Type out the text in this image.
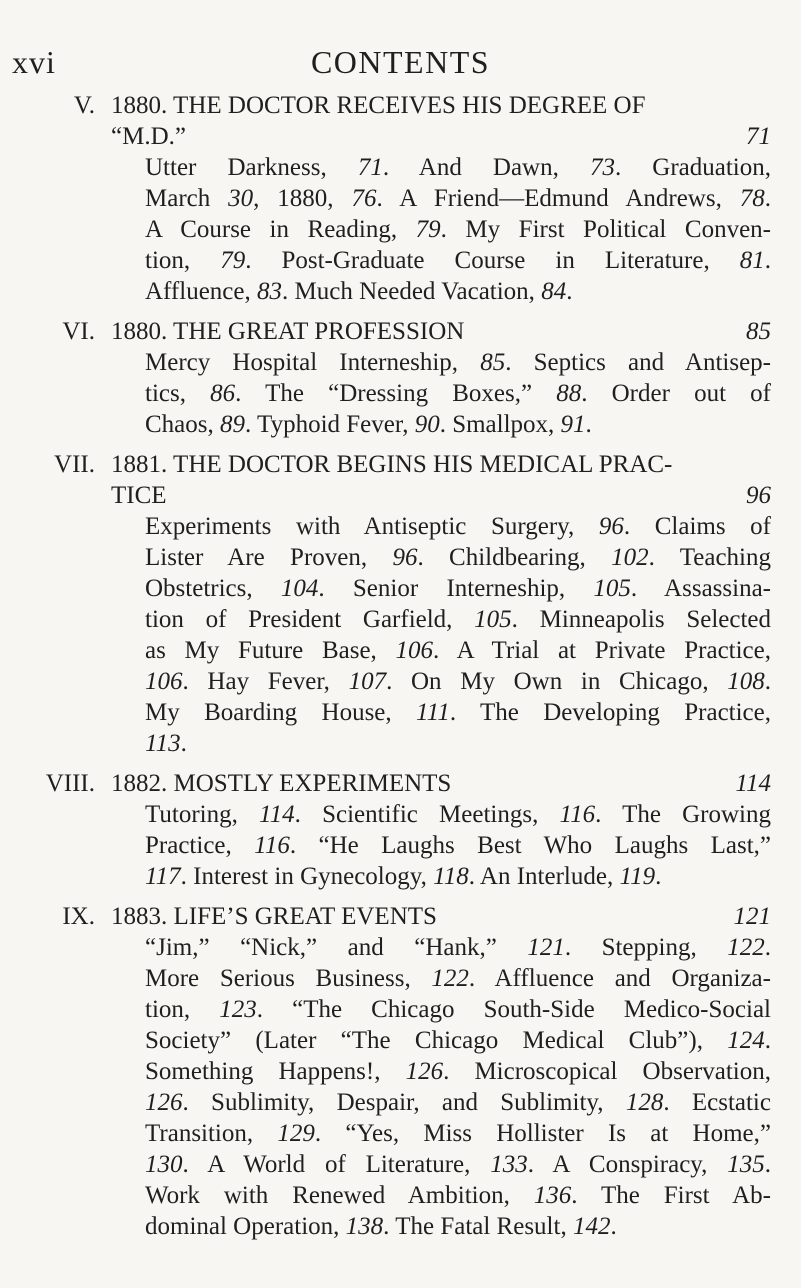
xvi	CONTENTS
V. 1880. THE DOCTOR RECEIVES HIS DEGREE OF
“M.D.”	71
Utter Darkness, 71. And Dawn, 73. Graduation,
March 30, 1880, 76. A Friend—Edmund Andrews, 78.
A Course in Reading, 79. My First Political Conven-
tion, 79. Post-Graduate Course in Literature, 81.
Affluence, 83. Much Needed Vacation, 84.
VI. 1880. THE GREAT PROFESSION	85
Mercy Hospital Interneship, 85. Septics and Antisep-
tics, 86. The “Dressing Boxes,” 88. Order out of
Chaos, 89. Typhoid Fever, 90. Smallpox, 91.
VII. 1881. THE DOCTOR BEGINS HIS MEDICAL PRAC-
TICE	96
Experiments with Antiseptic Surgery, 96. Claims of
Lister Are Proven, 96. Childbearing, 102. Teaching
Obstetrics, 104. Senior Interneship, 105. Assassina-
tion of President Garfield, 105. Minneapolis Selected
as My Future Base, 106. A Trial at Private Practice,
106. Hay Fever, 107. On My Own in Chicago, 108.
My Boarding House, 111. The Developing Practice,
113.
VIII. 1882. MOSTLY EXPERIMENTS	114
Tutoring, 114. Scientific Meetings, 116. The Growing
Practice, 116. “He Laughs Best Who Laughs Last,”
117. Interest in Gynecology, 118. An Interlude, 119.
IX. 1883. LIFE’S GREAT EVENTS	121
“Jim,” “Nick,” and “Hank,” 121. Stepping, 122.
More Serious Business, 122. Affluence and Organiza-
tion, 123. “The Chicago South-Side Medico-Social
Society” (Later “The Chicago Medical Club”), 124.
Something Happens!, 126. Microscopical Observation,
126. Sublimity, Despair, and Sublimity, 128. Ecstatic
Transition, 129. “Yes, Miss Hollister Is at Home,”
130. A World of Literature, 133. A Conspiracy, 135.
Work with Renewed Ambition, 136. The First Ab-
dominal Operation, 138. The Fatal Result, 142.
